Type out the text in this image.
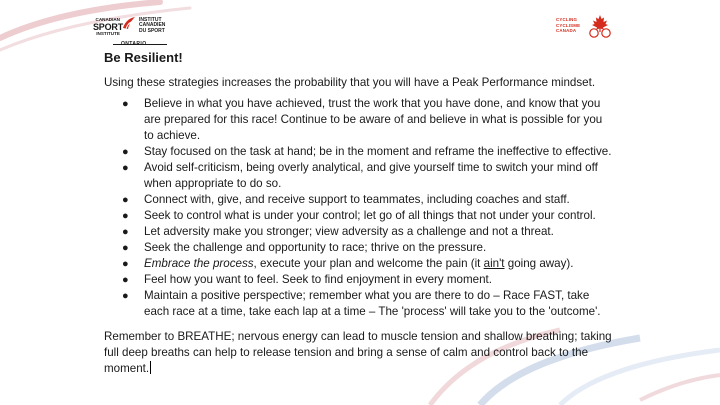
CANADIAN
SPORT
INSTITUTE
INSTITUT
CANADIEN
DU SPORT
ONTARIO
CYCLING
CYCLISME
CANADA
Be Resilient!

Using these strategies increases the probability that you will have a Peak Performance mindset.

● Believe in what you have achieved, trust the work that you have done, and know that you are prepared for this race! Continue to be aware of and believe in what is possible for you to achieve.
● Stay focused on the task at hand; be in the moment and reframe the ineffective to effective.
● Avoid self-criticism, being overly analytical, and give yourself time to switch your mind off when appropriate to do so.
● Connect with, give, and receive support to teammates, including coaches and staff.
● Seek to control what is under your control; let go of all things that not under your control.
● Let adversity make you stronger; view adversity as a challenge and not a threat.
● Seek the challenge and opportunity to race; thrive on the pressure.
● Embrace the process, execute your plan and welcome the pain (it ain't going away).
● Feel how you want to feel. Seek to find enjoyment in every moment.
● Maintain a positive perspective; remember what you are there to do – Race FAST, take each race at a time, take each lap at a time – The 'process' will take you to the 'outcome'.

Remember to BREATHE; nervous energy can lead to muscle tension and shallow breathing; taking full deep breaths can help to release tension and bring a sense of calm and control back to the moment.
